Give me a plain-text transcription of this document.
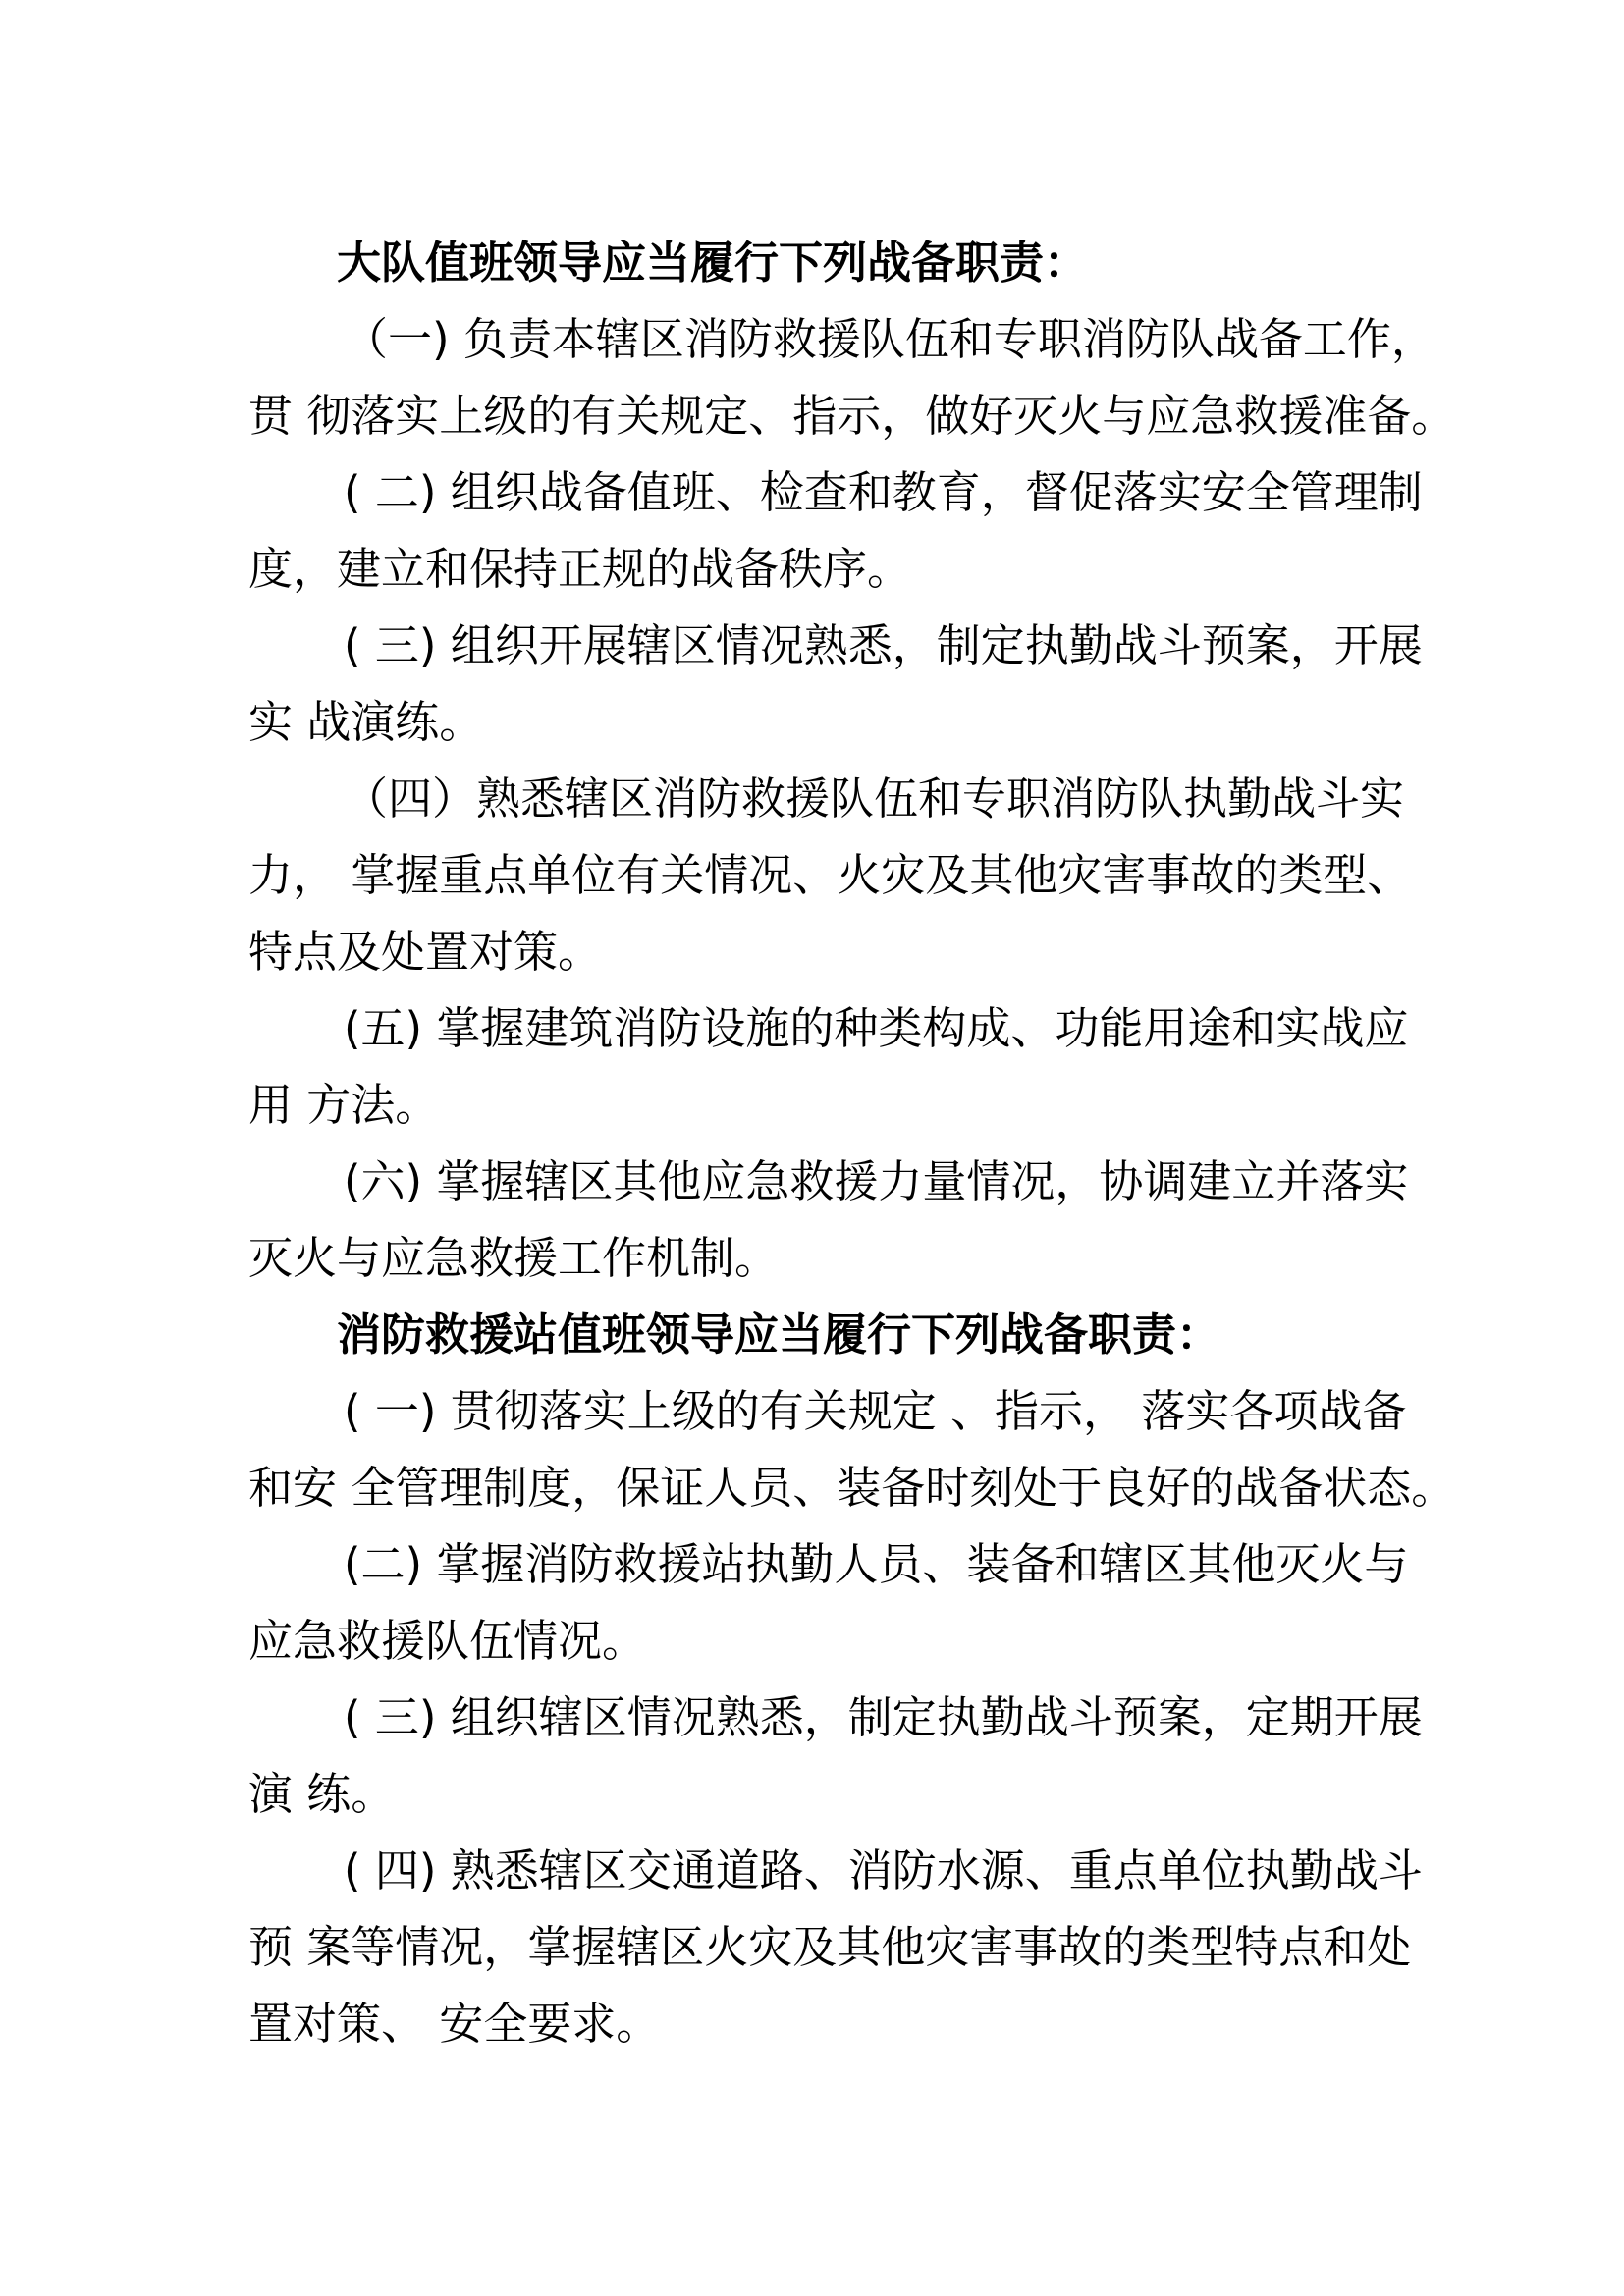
大队值班领导应当履行下列战备职责：
（一) 负责本辖区消防救援队伍和专职消防队战备工作，
贯 彻落实上级的有关规定、指示，做好灭火与应急救援准备。
( 二) 组织战备值班、检查和教育，督促落实安全管理制
度，建立和保持正规的战备秩序。
( 三) 组织开展辖区情况熟悉，制定执勤战斗预案，开展
实 战演练。
（四）熟悉辖区消防救援队伍和专职消防队执勤战斗实
力， 掌握重点单位有关情况、火灾及其他灾害事故的类型、
特点及处置对策。
(五) 掌握建筑消防设施的种类构成、功能用途和实战应
用 方法。
(六) 掌握辖区其他应急救援力量情况，协调建立并落实
灭火与应急救援工作机制。
消防救援站值班领导应当履行下列战备职责：
( 一) 贯彻落实上级的有关规定 、指示， 落实各项战备
和安 全管理制度，保证人员、装备时刻处于良好的战备状态。
(二) 掌握消防救援站执勤人员、装备和辖区其他灭火与
应急救援队伍情况。
( 三) 组织辖区情况熟悉，制定执勤战斗预案，定期开展
演 练。
( 四) 熟悉辖区交通道路、消防水源、重点单位执勤战斗
预 案等情况，掌握辖区火灾及其他灾害事故的类型特点和处
置对策、 安全要求。
